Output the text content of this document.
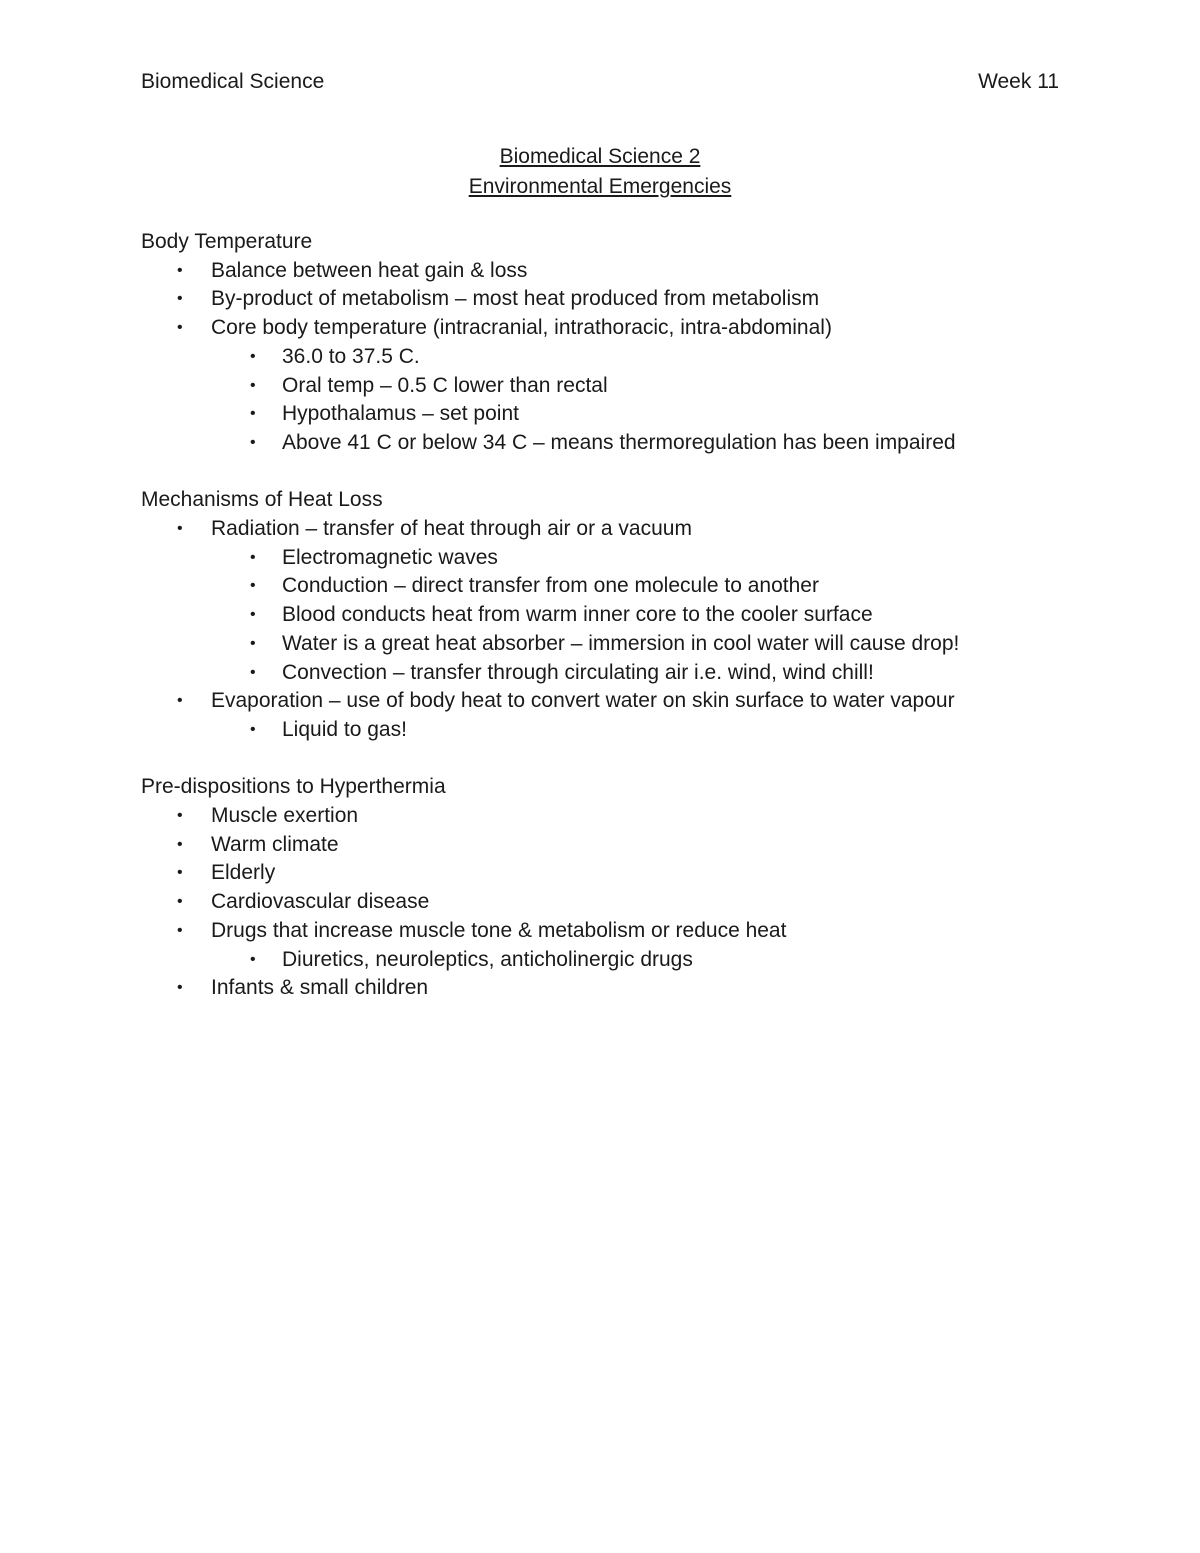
Biomedical Science	Week 11
Biomedical Science 2
Environmental Emergencies

Body Temperature

• Balance between heat gain & loss
• By-product of metabolism – most heat produced from metabolism
• Core body temperature (intracranial, intrathoracic, intra-abdominal)
• 36.0 to 37.5 C.
• Oral temp – 0.5 C lower than rectal
• Hypothalamus – set point
• Above 41 C or below 34 C – means thermoregulation has been impaired

Mechanisms of Heat Loss

• Radiation – transfer of heat through air or a vacuum
• Electromagnetic waves
• Conduction – direct transfer from one molecule to another
• Blood conducts heat from warm inner core to the cooler surface
• Water is a great heat absorber – immersion in cool water will cause drop!
• Convection – transfer through circulating air i.e. wind, wind chill!
• Evaporation – use of body heat to convert water on skin surface to water vapour
• Liquid to gas!

Pre-dispositions to Hyperthermia

• Muscle exertion
• Warm climate
• Elderly
• Cardiovascular disease
• Drugs that increase muscle tone & metabolism or reduce heat
• Diuretics, neuroleptics, anticholinergic drugs
• Infants & small children
